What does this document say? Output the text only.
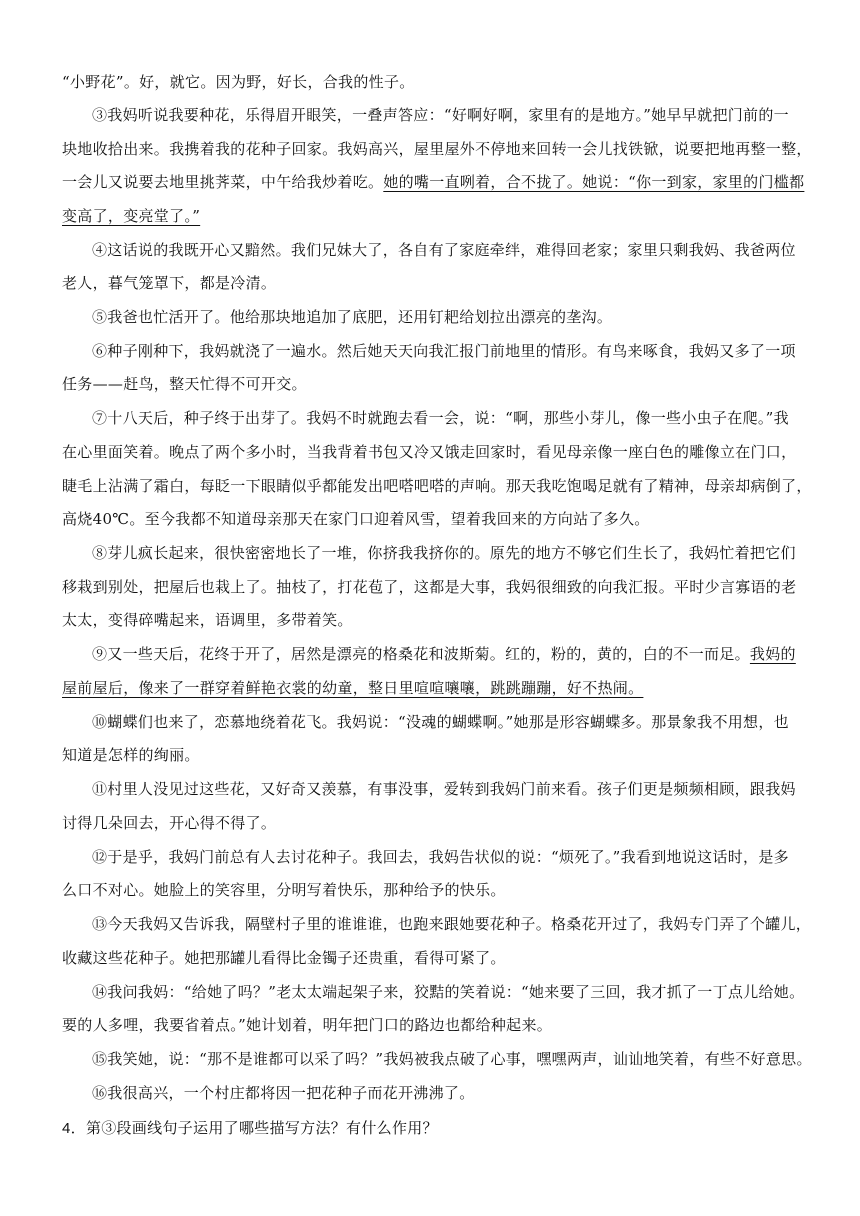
“小野花”。好，就它。因为野，好长，合我的性子。
③我妈听说我要种花，乐得眉开眼笑，一叠声答应：“好啊好啊，家里有的是地方。”她早早就把门前的一
块地收拾出来。我携着我的花种子回家。我妈高兴，屋里屋外不停地来回转一会儿找铁锨，说要把地再整一整，
一会儿又说要去地里挑荠菜，中午给我炒着吃。她的嘴一直咧着，合不拢了。她说：“你一到家，家里的门槛都
变高了，变亮堂了。”
④这话说的我既开心又黯然。我们兄妹大了，各自有了家庭牵绊，难得回老家；家里只剩我妈、我爸两位
老人，暮气笼罩下，都是冷清。
⑤我爸也忙活开了。他给那块地追加了底肥，还用钉耙给划拉出漂亮的垄沟。
⑥种子刚种下，我妈就浇了一遍水。然后她天天向我汇报门前地里的情形。有鸟来啄食，我妈又多了一项
任务——赶鸟，整天忙得不可开交。
⑦十八天后，种子终于出芽了。我妈不时就跑去看一会，说：“啊，那些小芽儿，像一些小虫子在爬。”我
在心里面笑着。晚点了两个多小时，当我背着书包又冷又饿走回家时，看见母亲像一座白色的雕像立在门口，
睫毛上沾满了霜白，每眨一下眼睛似乎都能发出吧嗒吧嗒的声响。那天我吃饱喝足就有了精神，母亲却病倒了，
高烧40℃。至今我都不知道母亲那天在家门口迎着风雪，望着我回来的方向站了多久。
⑧芽儿疯长起来，很快密密地长了一堆，你挤我我挤你的。原先的地方不够它们生长了，我妈忙着把它们
移栽到别处，把屋后也栽上了。抽枝了，打花苞了，这都是大事，我妈很细致的向我汇报。平时少言寡语的老
太太，变得碎嘴起来，语调里，多带着笑。
⑨又一些天后，花终于开了，居然是漂亮的格桑花和波斯菊。红的，粉的，黄的，白的不一而足。我妈的
屋前屋后，像来了一群穿着鲜艳衣裳的幼童，整日里喧喧嚷嚷，跳跳蹦蹦，好不热闹。
⑩蝴蝶们也来了，恋慕地绕着花飞。我妈说：“没魂的蝴蝶啊。”她那是形容蝴蝶多。那景象我不用想，也
知道是怎样的绚丽。
⑪村里人没见过这些花，又好奇又羡慕，有事没事，爱转到我妈门前来看。孩子们更是频频相顾，跟我妈
讨得几朵回去，开心得不得了。
⑫于是乎，我妈门前总有人去讨花种子。我回去，我妈告状似的说：“烦死了。”我看到地说这话时，是多
么口不对心。她脸上的笑容里，分明写着快乐，那种给予的快乐。
⑬今天我妈又告诉我，隔壁村子里的谁谁谁，也跑来跟她要花种子。格桑花开过了，我妈专门弄了个罐儿，
收藏这些花种子。她把那罐儿看得比金镯子还贵重，看得可紧了。
⑭我问我妈：“给她了吗？”老太太端起架子来，狡黠的笑着说：“她来要了三回，我才抓了一丁点儿给她。
要的人多哩，我要省着点。”她计划着，明年把门口的路边也都给种起来。
⑮我笑她，说：“那不是谁都可以采了吗？”我妈被我点破了心事，嘿嘿两声，讪讪地笑着，有些不好意思。
⑯我很高兴，一个村庄都将因一把花种子而花开沸沸了。
4．第③段画线句子运用了哪些描写方法？有什么作用？
